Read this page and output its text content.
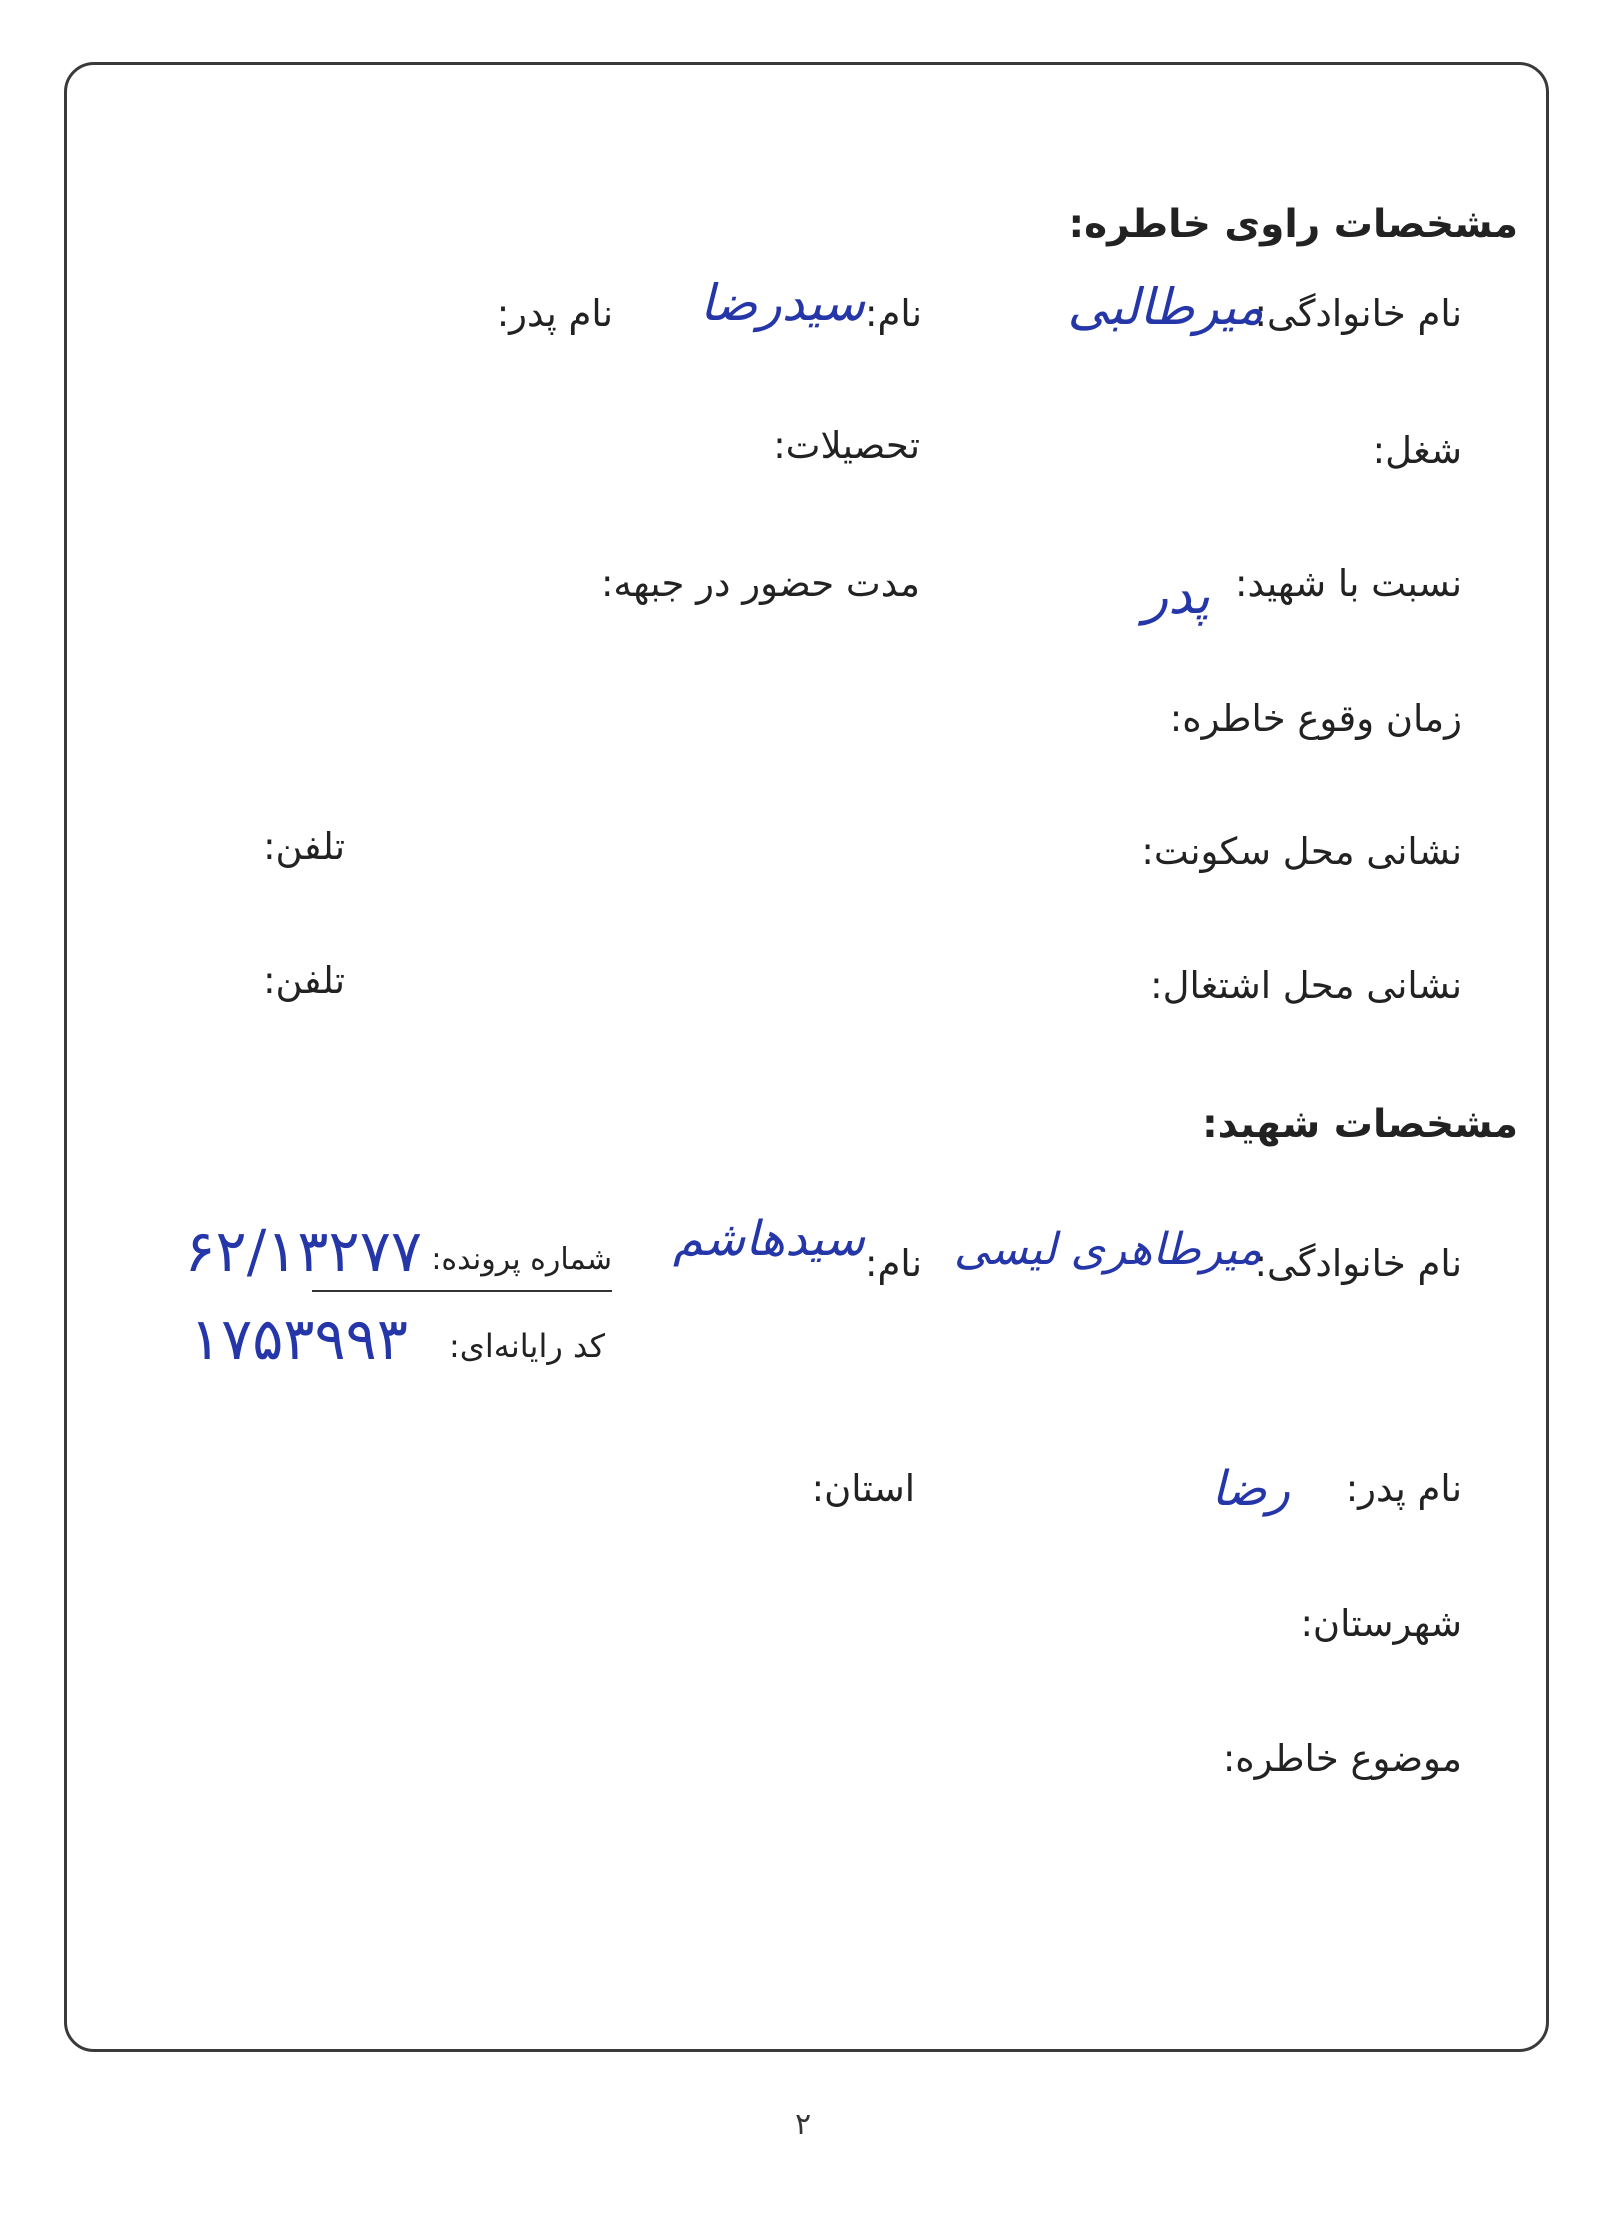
مشخصات راوی خاطره:
نام خانوادگی:
میرطالبی
نام:
سیدرضا
نام پدر:
شغل:
تحصیلات:
نسبت با شهید:
پدر
مدت حضور در جبهه:
زمان وقوع خاطره:
نشانی محل سکونت:
تلفن:
نشانی محل اشتغال:
تلفن:
مشخصات شهید:
نام خانوادگی:
میرطاهری لیسی
نام:
سیدهاشم
شماره پرونده:
۶۲/۱۳۲۷۷
کد رایانه‌ای:
۱۷۵۳۹۹۳
نام پدر:
رضا
استان:
شهرستان:
موضوع خاطره:
۲
